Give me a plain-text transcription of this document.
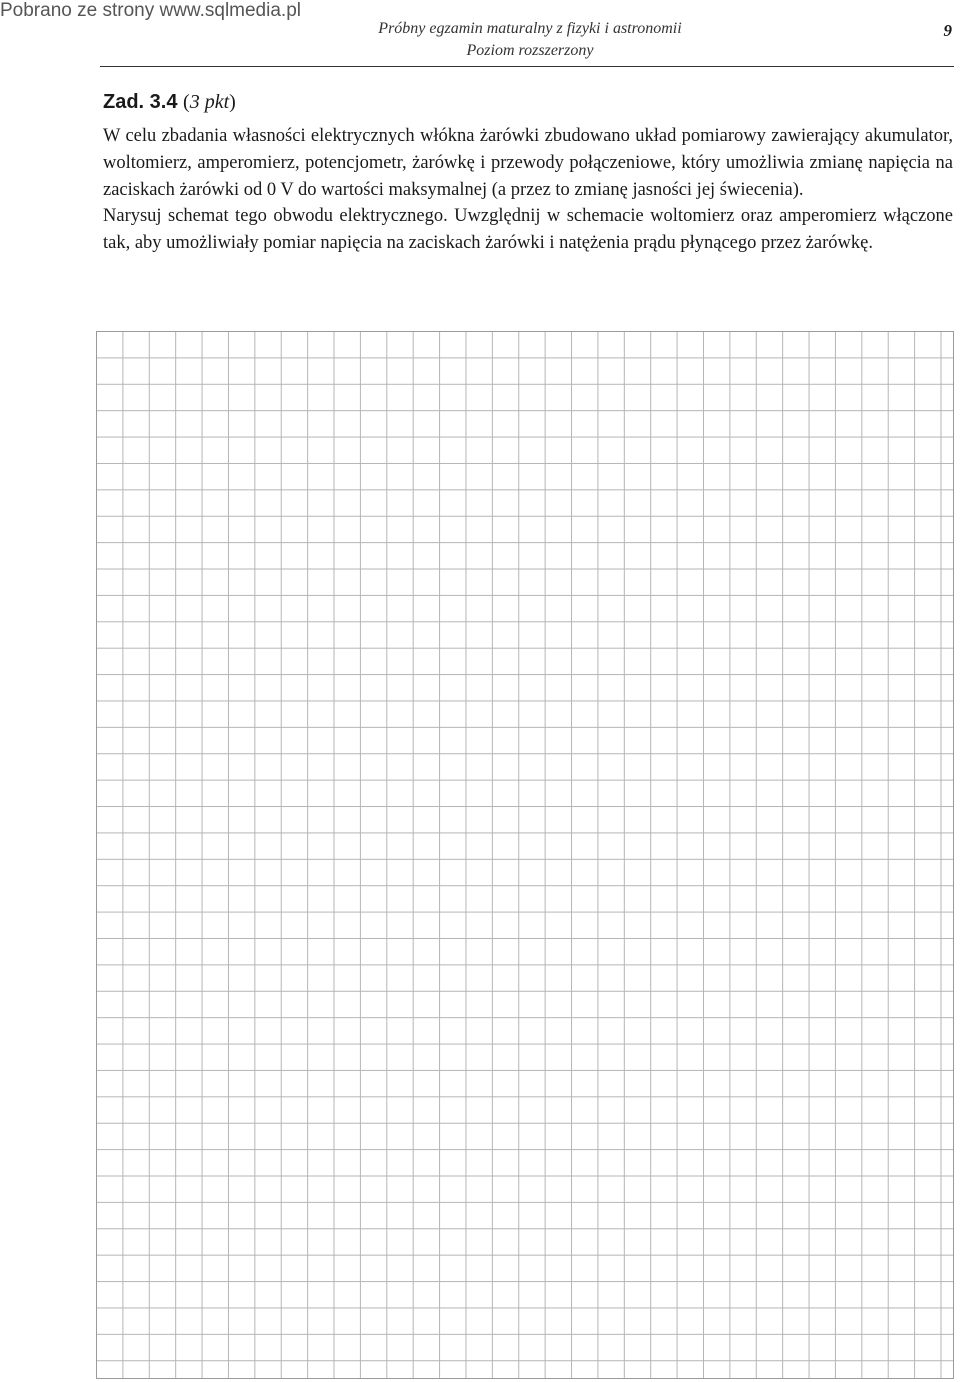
Pobrano ze strony www.sqlmedia.pl
Próbny egzamin maturalny z fizyki i astronomii
Poziom rozszerzony
9
Zad. 3.4 (3 pkt)

W celu zbadania własności elektrycznych włókna żarówki zbudowano układ pomiarowy zawierający akumulator, woltomierz, amperomierz, potencjometr, żarówkę i przewody połączeniowe, który umożliwia zmianę napięcia na zaciskach żarówki od 0 V do wartości maksymalnej (a przez to zmianę jasności jej świecenia).

Narysuj schemat tego obwodu elektrycznego. Uwzględnij w schemacie woltomierz oraz amperomierz włączone tak, aby umożliwiały pomiar napięcia na zaciskach żarówki i natężenia prądu płynącego przez żarówkę.
